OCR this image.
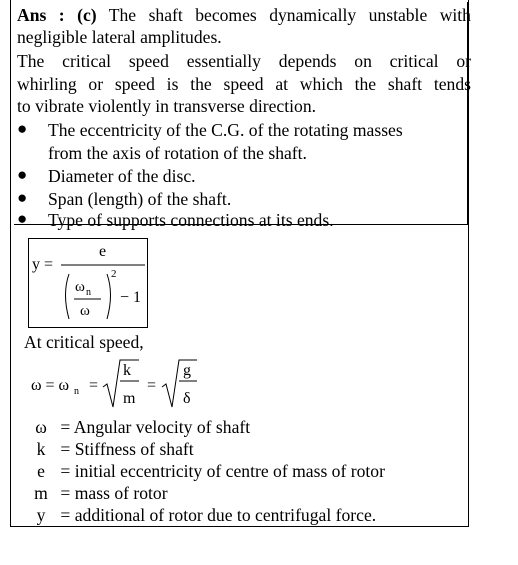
Ans : (c) The shaft becomes dynamically unstable with
negligible lateral amplitudes.
The critical speed essentially depends on critical or
whirling or speed is the speed at which the shaft tends
to vibrate violently in transverse direction.
● The eccentricity of the C.G. of the rotating masses
from the axis of rotation of the shaft.
● Diameter of the disc.
● Span (length) of the shaft.
● Type of supports connections at its ends.
y =
e
ω n
ω
2
− 1
At critical speed,
ω = ω n =
k
m
=
g
δ
ω = Angular velocity of shaft
k = Stiffness of shaft
e = initial eccentricity of centre of mass of rotor
m = mass of rotor
y = additional of rotor due to centrifugal force.
